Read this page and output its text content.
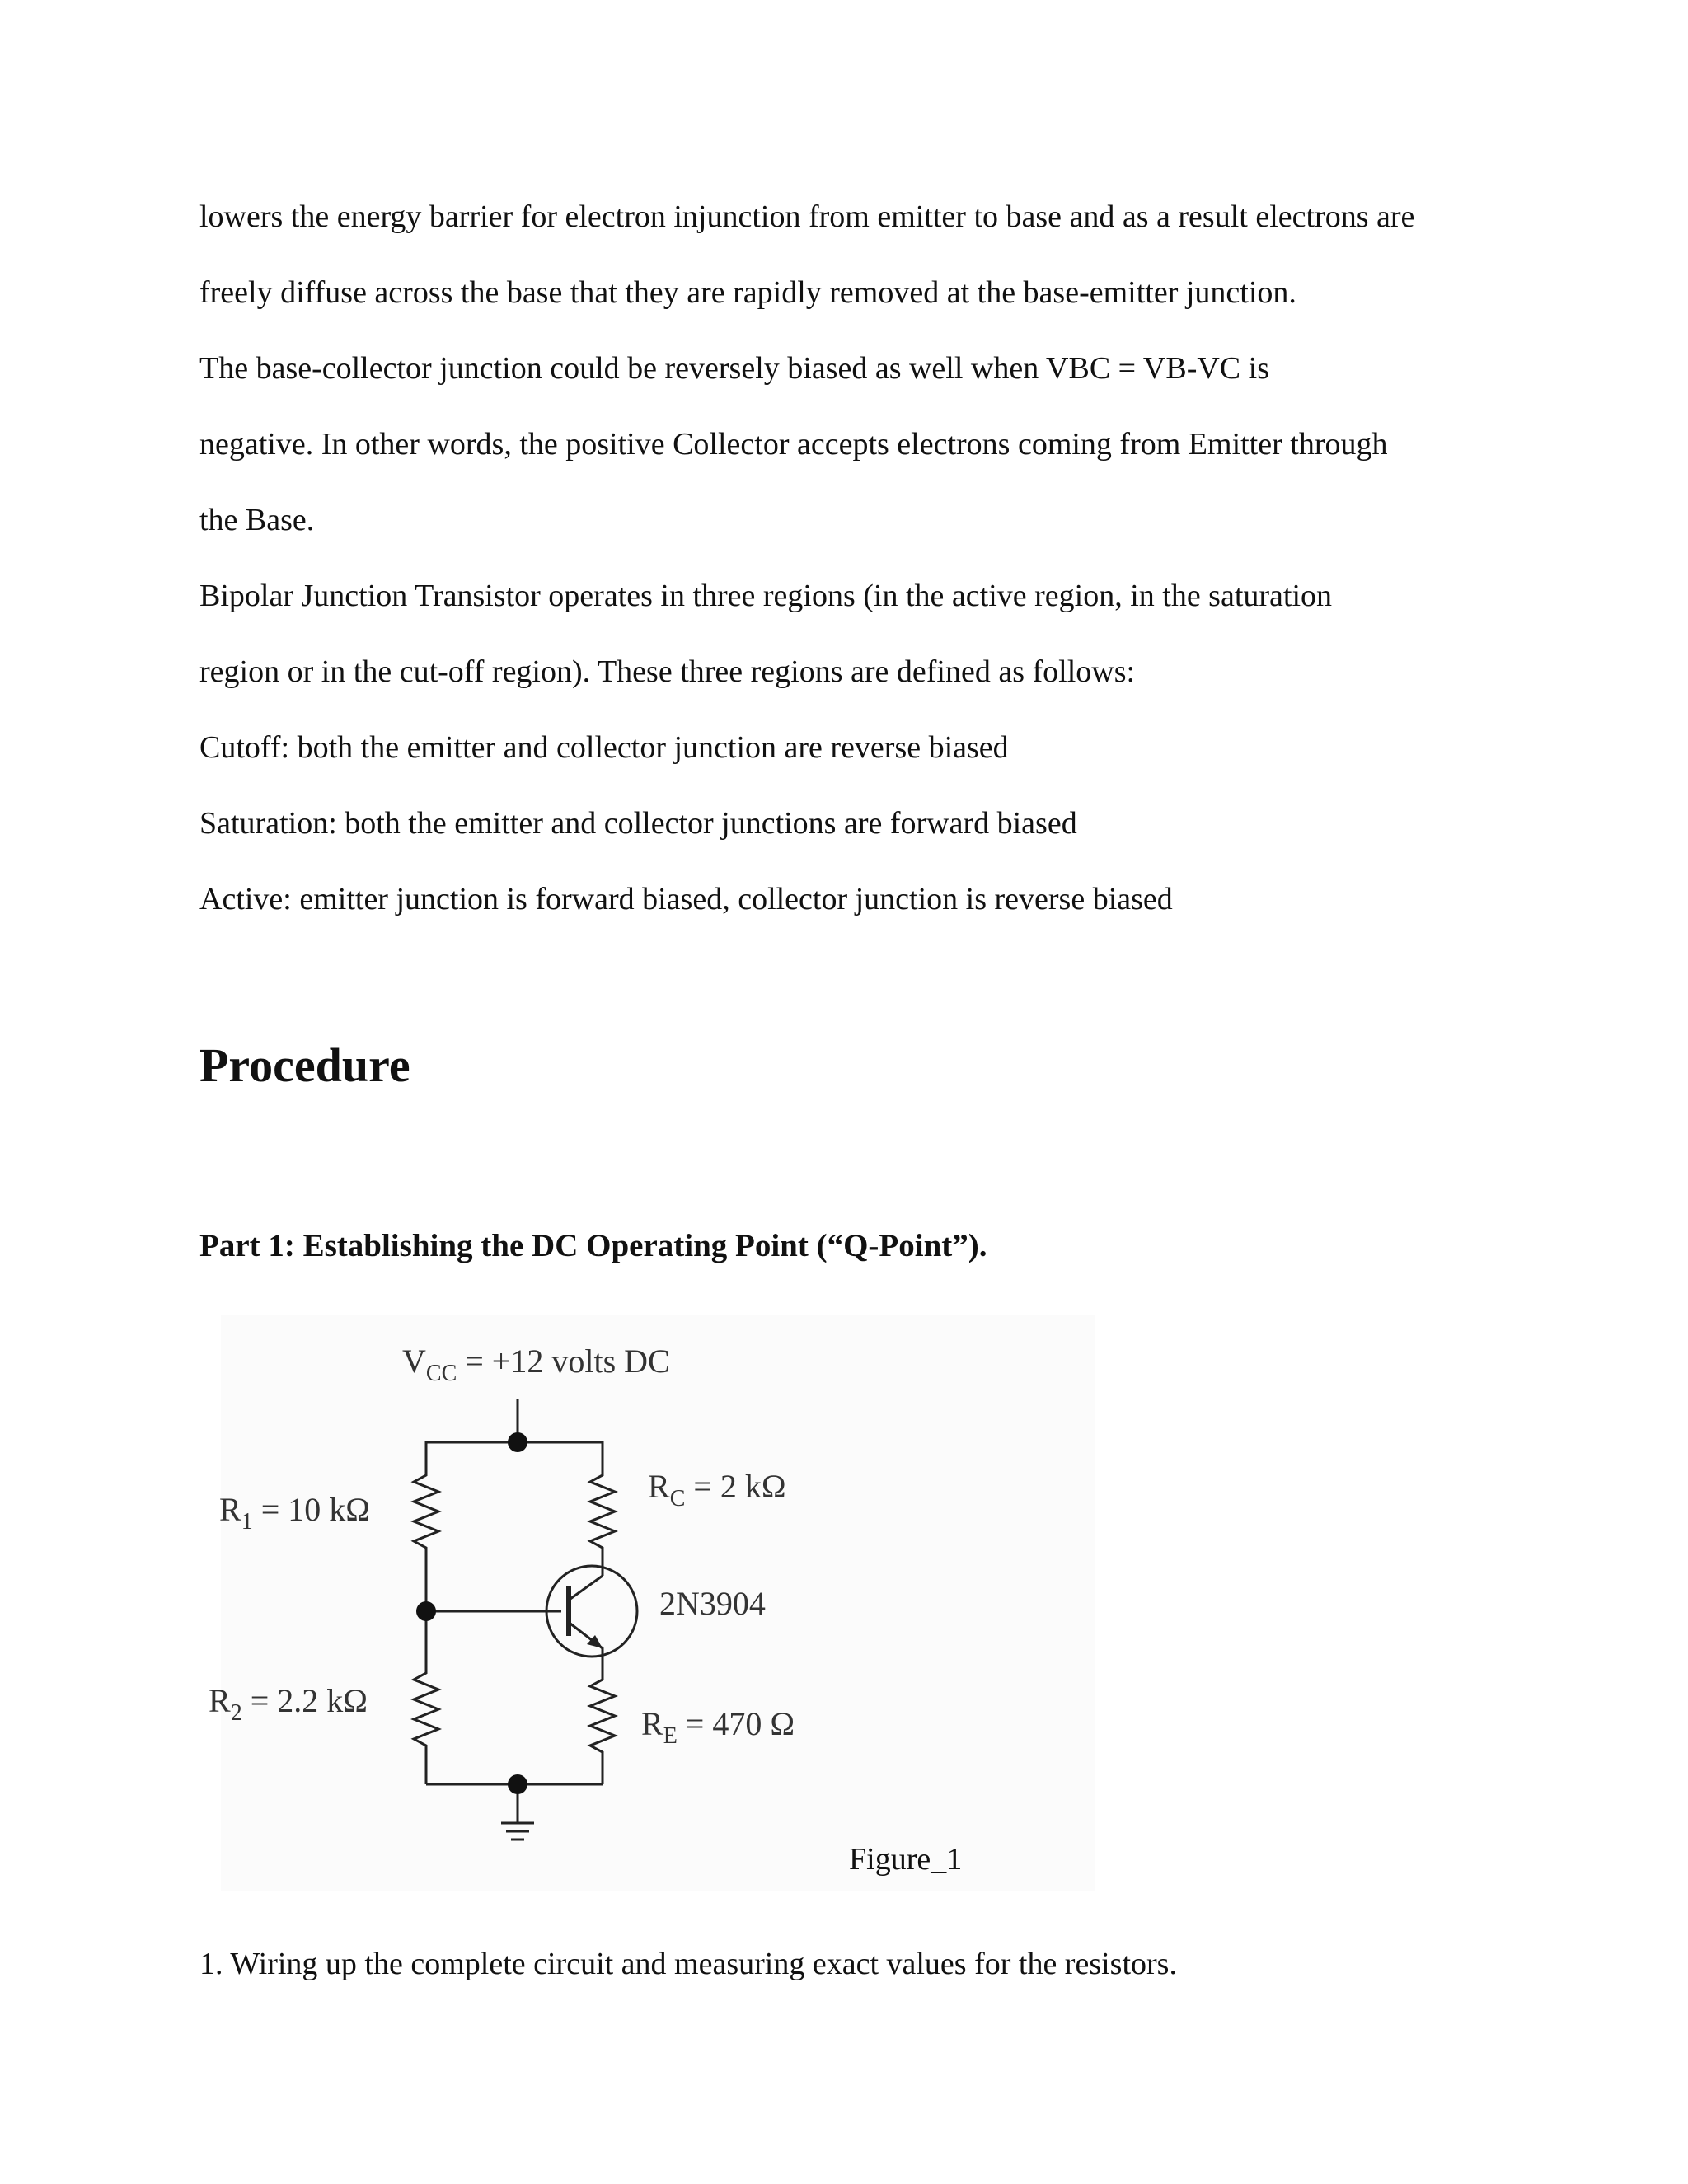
lowers the energy barrier for electron injunction from emitter to base and as a result electrons are
freely diffuse across the base that they are rapidly removed at the base-emitter junction.
The base-collector junction could be reversely biased as well when VBC = VB-VC is
negative. In other words, the positive Collector accepts electrons coming from Emitter through
the Base.
Bipolar Junction Transistor operates in three regions (in the active region, in the saturation
region or in the cut-off region). These three regions are defined as follows:
Cutoff: both the emitter and collector junction are reverse biased
Saturation: both the emitter and collector junctions are forward biased
Active: emitter junction is forward biased, collector junction is reverse biased
Procedure
Part 1: Establishing the DC Operating Point (“Q-Point”).
$V_{CC} = +12$ volts DC
$R_1 = 10$ kΩ
$R_C = 2$ kΩ
2N3904
$R_2 = 2.2$ kΩ
$R_E = 470$ Ω
Figure_1
1. Wiring up the complete circuit and measuring exact values for the resistors.
